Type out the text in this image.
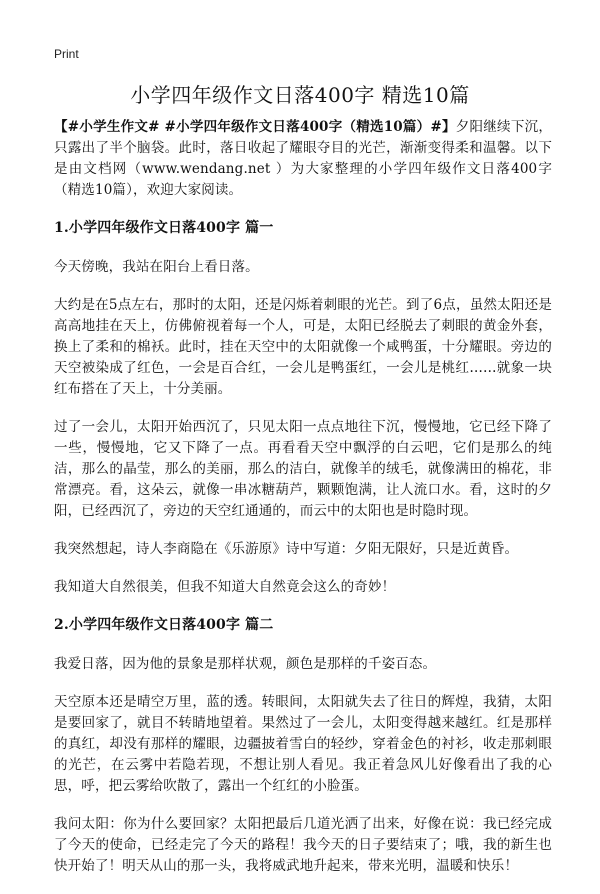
Print
小学四年级作文日落400字 精选10篇

【#小学生作文# #小学四年级作文日落400字（精选10篇）#】夕阳继续下沉，只露出了半个脑袋。此时，落日收起了耀眼夺目的光芒，渐渐变得柔和温馨。以下是由文档网（www.wendang.net ）为大家整理的小学四年级作文日落400字（精选10篇），欢迎大家阅读。

1.小学四年级作文日落400字 篇一

今天傍晚，我站在阳台上看日落。

大约是在5点左右，那时的太阳，还是闪烁着刺眼的光芒。到了6点，虽然太阳还是高高地挂在天上，仿佛俯视着每一个人，可是，太阳已经脱去了刺眼的黄金外套，换上了柔和的棉袄。此时，挂在天空中的太阳就像一个咸鸭蛋，十分耀眼。旁边的天空被染成了红色，一会是百合红，一会儿是鸭蛋红，一会儿是桃红……就象一块红布搭在了天上，十分美丽。

过了一会儿，太阳开始西沉了，只见太阳一点点地往下沉，慢慢地，它已经下降了一些，慢慢地，它又下降了一点。再看看天空中飘浮的白云吧，它们是那么的纯洁，那么的晶莹，那么的美丽，那么的洁白，就像羊的绒毛，就像满田的棉花，非常漂亮。看，这朵云，就像一串冰糖葫芦，颗颗饱满，让人流口水。看，这时的夕阳，已经西沉了，旁边的天空红通通的，而云中的太阳也是时隐时现。

我突然想起，诗人李商隐在《乐游原》诗中写道：夕阳无限好，只是近黄昏。

我知道大自然很美，但我不知道大自然竟会这么的奇妙！

2.小学四年级作文日落400字 篇二

我爱日落，因为他的景象是那样状观，颜色是那样的千姿百态。

天空原本还是晴空万里，蓝的透。转眼间，太阳就失去了往日的辉煌，我猜，太阳是要回家了，就目不转睛地望着。果然过了一会儿，太阳变得越来越红。红是那样的真红，却没有那样的耀眼，边疆披着雪白的轻纱，穿着金色的衬衫，收走那刺眼的光芒，在云雾中若隐若现，不想让别人看见。我正着急风儿好像看出了我的心思，呼，把云雾给吹散了，露出一个红红的小脸蛋。

我问太阳：你为什么要回家？太阳把最后几道光洒了出来，好像在说：我已经完成了今天的使命，已经走完了今天的路程！我今天的日子要结束了；哦，我的新生也快开始了！明天从山的那一头，我将威武地升起来，带来光明，温暖和快乐！
